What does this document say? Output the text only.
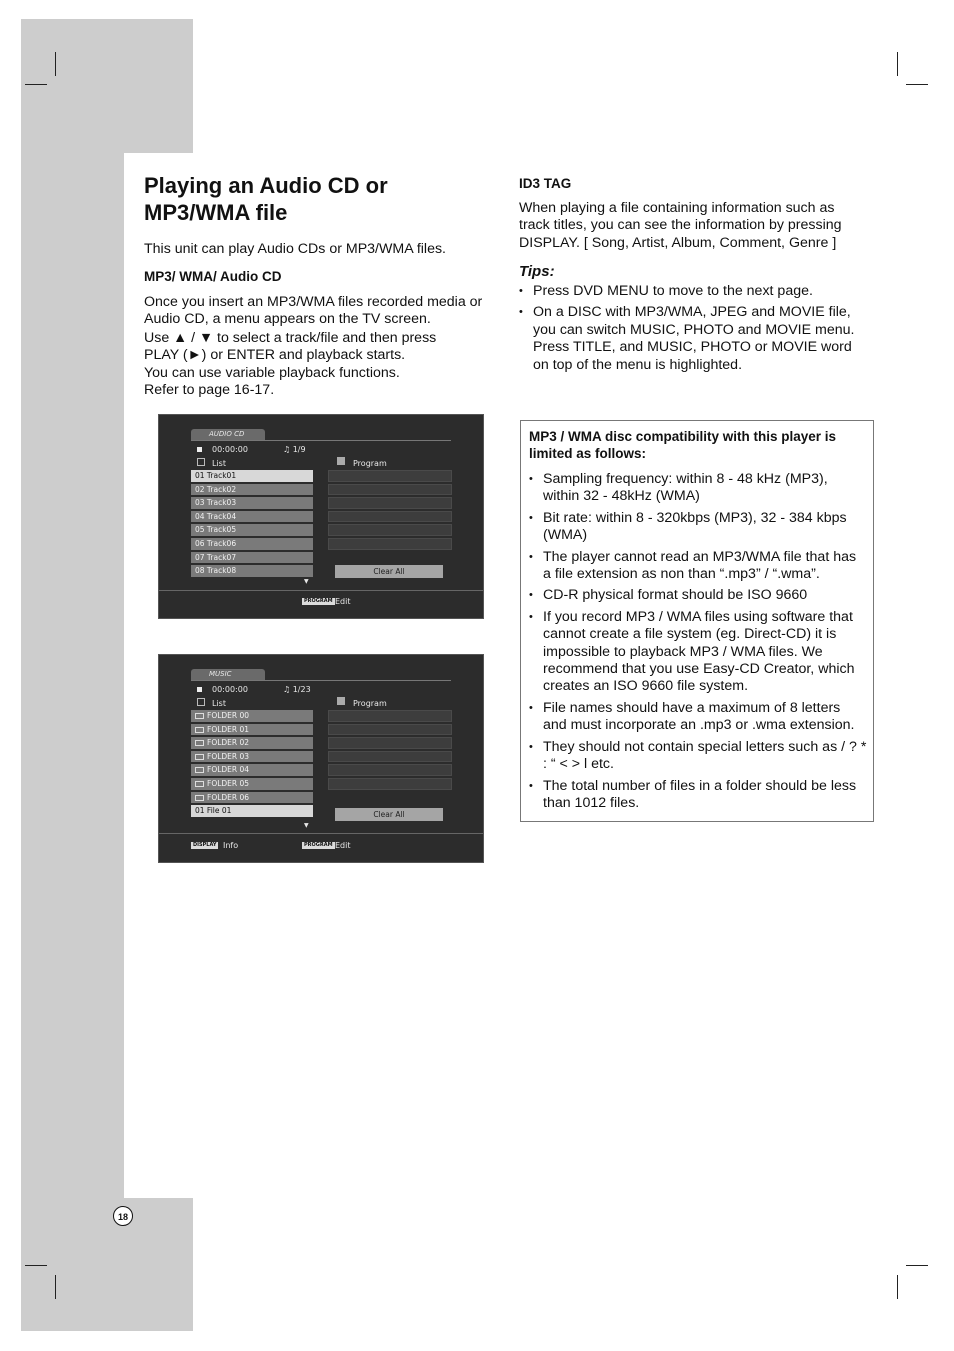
Playing an Audio CD or MP3/WMA file

This unit can play Audio CDs or MP3/WMA files.

MP3/ WMA/ Audio CD

Once you insert an MP3/WMA files recorded media or Audio CD, a menu appears on the TV screen.

Use ▲ / ▼ to select a track/file and then press
PLAY (►) or ENTER and playback starts.
You can use variable playback functions.
Refer to page 16-17.
AUDIO CD
00:00:00	♫ 1/9
List	Program
01 Track01
02 Track02
03 Track03
04 Track04
05 Track05
06 Track06
07 Track07
08 Track08
▼
Clear All
PROGRAM Edit
MUSIC
00:00:00	♫ 1/23
List	Program
FOLDER 00
FOLDER 01
FOLDER 02
FOLDER 03
FOLDER 04
FOLDER 05
FOLDER 06
01 File 01
▼
Clear All
DISPLAY Info	PROGRAM Edit

ID3 TAG

When playing a file containing information such as track titles, you can see the information by pressing DISPLAY. [ Song, Artist, Album, Comment, Genre ]

Tips:
• Press DVD MENU to move to the next page.
• On a DISC with MP3/WMA, JPEG and MOVIE file, you can switch MUSIC, PHOTO and MOVIE menu. Press TITLE, and MUSIC, PHOTO or MOVIE word on top of the menu is highlighted.

MP3 / WMA disc compatibility with this player is limited as follows:

• Sampling frequency: within 8 - 48 kHz (MP3), within 32 - 48kHz (WMA)
• Bit rate: within 8 - 320kbps (MP3), 32 - 384 kbps (WMA)
• The player cannot read an MP3/WMA file that has a file extension as non than “.mp3” / “.wma”.
• CD-R physical format should be ISO 9660
• If you record MP3 / WMA files using software that cannot create a file system (eg. Direct-CD) it is impossible to playback MP3 / WMA files. We recommend that you use Easy-CD Creator, which creates an ISO 9660 file system.
• File names should have a maximum of 8 letters and must incorporate an .mp3 or .wma extension.
• They should not contain special letters such as / ? * : “ < > l etc.
• The total number of files in a folder should be less than 1012 files.
18
